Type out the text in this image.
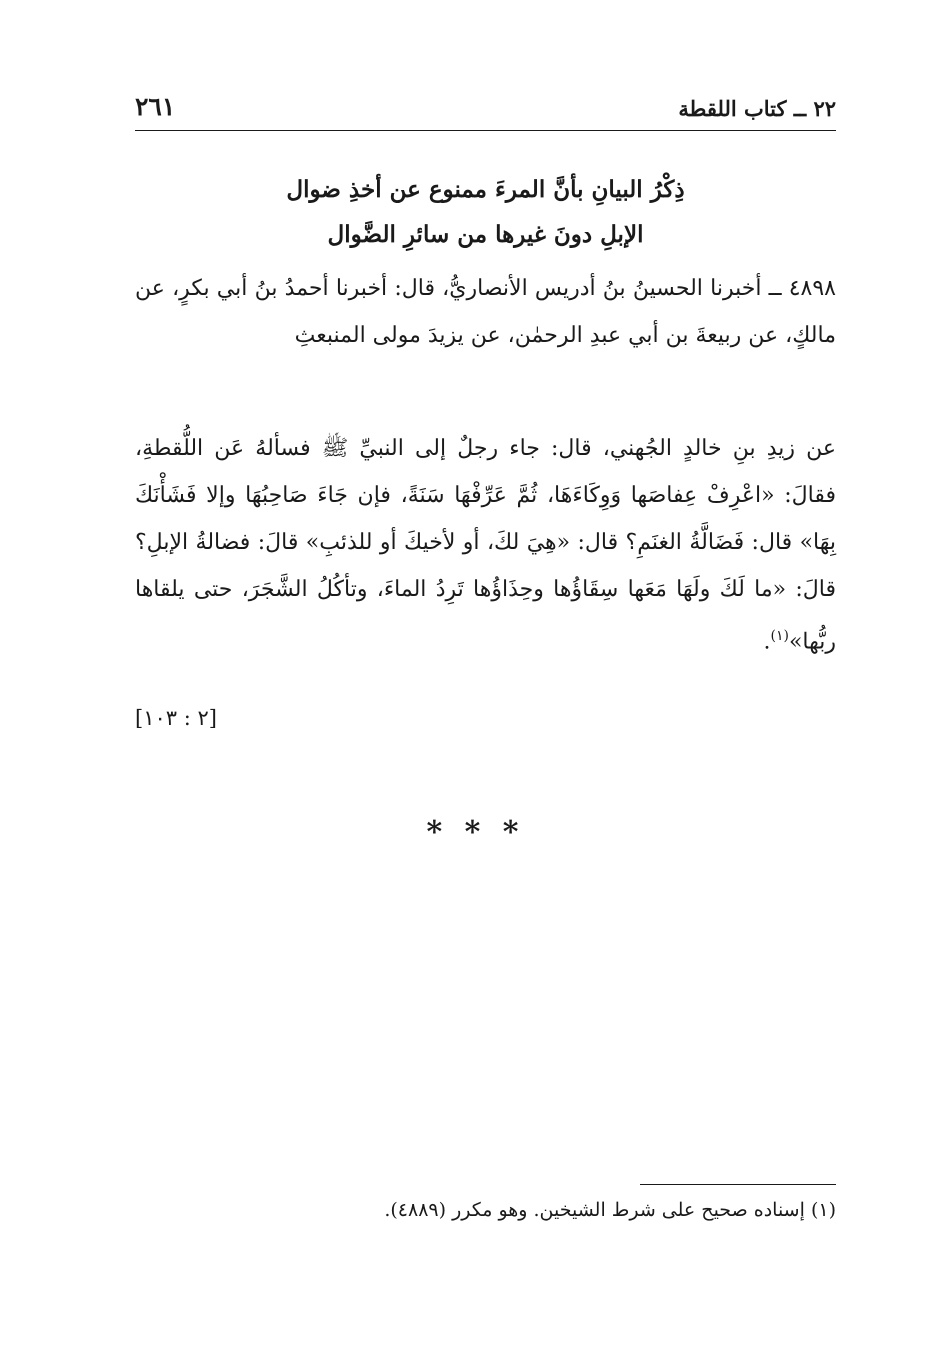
٢٢ ــ كتاب اللقطة
٢٦١
ذِكْرُ البيانِ بأنَّ المرءَ ممنوع عن أخذِ ضوال
الإبلِ دونَ غيرها من سائرِ الضَّوال
٤٨٩٨ ــ أخبرنا الحسينُ بنُ أدريس الأنصاريُّ، قال: أخبرنا أحمدُ بنُ أبي بكرٍ، عن مالكٍ، عن ربيعةَ بن أبي عبدِ الرحمٰن، عن يزيدَ مولى المنبعثِ
عن زيدِ بنِ خالدٍ الجُهني، قال: جاء رجلٌ إلى النبيِّ ﷺ فسألهُ عَن اللُّقطةِ، فقالَ: «اعْرِفْ عِفاصَها وَوِكَاءَهَا، ثُمَّ عَرِّفْهَا سَنَةً، فإن جَاءَ صَاحِبُهَا وإلا فَشَأْنَكَ بِهَا» قال: فَضَالَّةُ الغنَمِ؟ قال: «هِيَ لكَ، أو لأخيكَ أو للذئبِ» قالَ: فضالةُ الإبلِ؟ قالَ: «ما لَكَ ولَهَا مَعَها سِقَاؤُها وحِذَاؤُها تَرِدُ الماءَ، وتأكُلُ الشَّجَرَ، حتى يلقاها ربُّها»$^{(١)}$.
[٢ : ١٠٣]
* * *
(١) إسناده صحيح على شرط الشيخين. وهو مكرر (٤٨٨٩).
